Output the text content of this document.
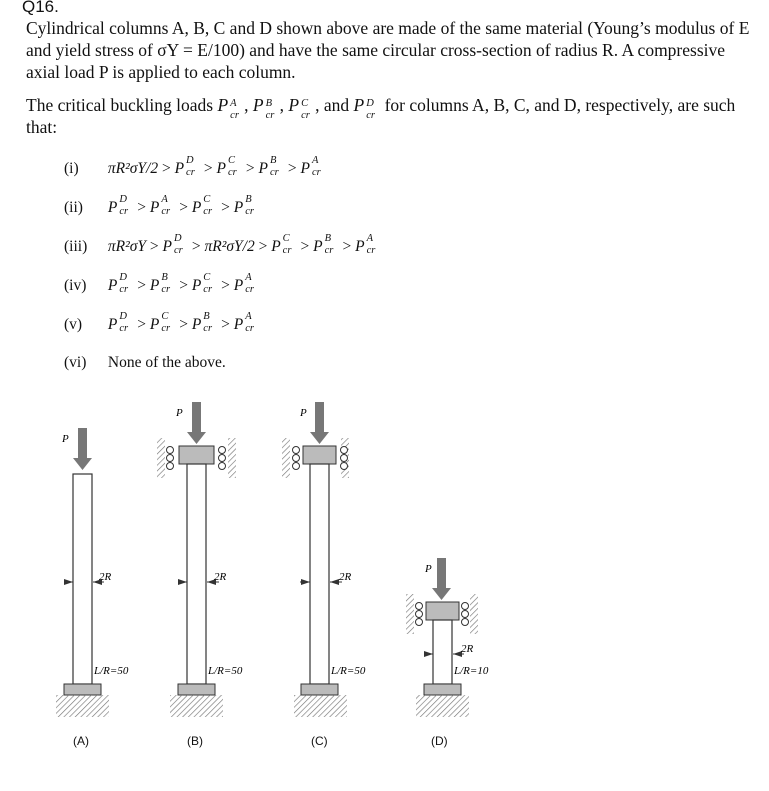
Q16.

Cylindrical columns A, B, C and D shown above are made of the same material (Young’s modulus of E and yield stress of σY = E/100) and have the same circular cross-section of radius R. A compressive axial load P is applied to each column.

The critical buckling loads P A
cr
, P B
cr
, P C
cr
, and P D
cr
for columns A, B, C, and D, respectively, are such that:

(i) πR²σY/2 > P D
cr > P C
cr > P B
cr > P A
cr
(ii) P D
cr > P A
cr > P C
cr > P B
cr
(iii) πR²σY > P D
cr > πR²σY/2 > P C
cr > P B
cr > P A
cr
(iv) P D
cr > P B
cr > P C
cr > P A
cr
(v) P D
cr > P C
cr > P B
cr > P A
cr
(vi) None of the above.
P
2R
L/R=50
P
2R
L/R=50
P
2R
L/R=50
P
2R
L/R=10
(A)	(B)	(C)	(D)
